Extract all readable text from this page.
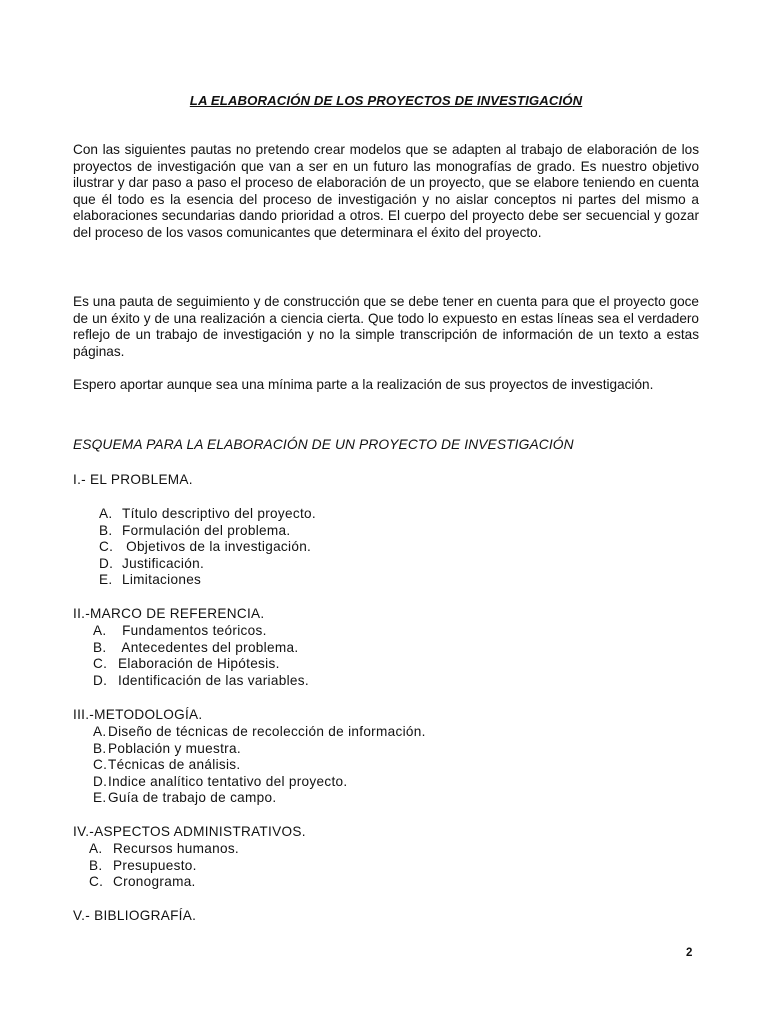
LA ELABORACIÓN DE LOS PROYECTOS DE INVESTIGACIÓN
Con las siguientes pautas no pretendo crear modelos que se adapten al trabajo de elaboración de los proyectos de investigación que van a ser en un futuro las monografías de grado. Es nuestro objetivo ilustrar y dar paso a paso el proceso de elaboración de un proyecto, que se elabore teniendo en cuenta que él todo es la esencia del proceso de investigación y no aislar conceptos ni partes del mismo a elaboraciones secundarias dando prioridad a otros. El cuerpo del proyecto debe ser secuencial y gozar del proceso de los vasos comunicantes que determinara el éxito del proyecto.
Es una pauta de seguimiento y de construcción que se debe tener en cuenta para que el proyecto goce de un éxito y de una realización a ciencia cierta. Que todo lo expuesto en estas líneas sea el verdadero reflejo de un trabajo de investigación y no la simple transcripción de información de un texto a estas páginas.
Espero aportar aunque sea una mínima parte a la realización de sus proyectos de investigación.
ESQUEMA PARA LA ELABORACIÓN DE UN PROYECTO DE INVESTIGACIÓN
I.- EL PROBLEMA.
A. Título descriptivo del proyecto.
B. Formulación del problema.
C. Objetivos de la investigación.
D. Justificación.
E. Limitaciones
II.-MARCO DE REFERENCIA.
A. Fundamentos teóricos.
B. Antecedentes del problema.
C. Elaboración de Hipótesis.
D. Identificación de las variables.
III.-METODOLOGÍA.
A. Diseño de técnicas de recolección de información.
B. Población y muestra.
C.Técnicas de análisis.
D.Indice analítico tentativo del proyecto.
E. Guía de trabajo de campo.
IV.-ASPECTOS ADMINISTRATIVOS.
A. Recursos humanos.
B. Presupuesto.
C. Cronograma.
V.- BIBLIOGRAFÍA.
2
